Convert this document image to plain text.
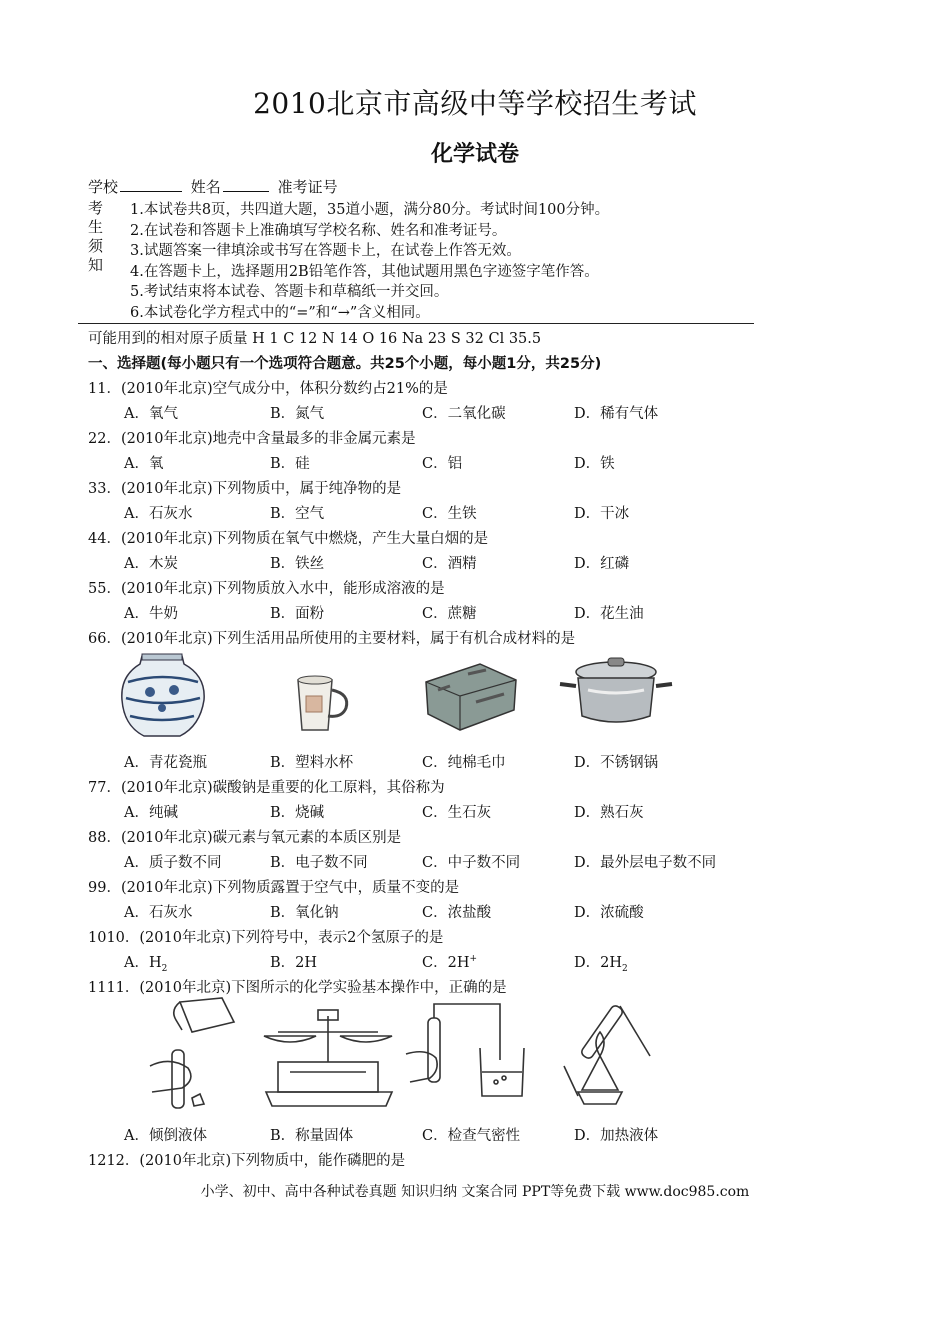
2010北京市高级中等学校招生考试
化学试卷
学校	姓名	准考证号
考
生
须
知
1.本试卷共8页，共四道大题，35道小题，满分80分。考试时间100分钟。
2.在试卷和答题卡上准确填写学校名称、姓名和准考证号。
3.试题答案一律填涂或书写在答题卡上，在试卷上作答无效。
4.在答题卡上，选择题用2B铅笔作答，其他试题用黑色字迹签字笔作答。
5.考试结束将本试卷、答题卡和草稿纸一并交回。
6.本试卷化学方程式中的“=”和“→”含义相同。
可能用到的相对原子质量 H 1 C 12 N 14 O 16 Na 23 S 32 Cl 35.5
一、选择题(每小题只有一个选项符合题意。共25个小题，每小题1分，共25分)
11．(2010年北京)空气成分中，体积分数约占21%的是
A．氧气	B．氮气	C．二氧化碳	D．稀有气体
22．(2010年北京)地壳中含量最多的非金属元素是
A．氧	B．硅	C．铝	D．铁
33．(2010年北京)下列物质中，属于纯净物的是
A．石灰水	B．空气	C．生铁	D．干冰
44．(2010年北京)下列物质在氧气中燃烧，产生大量白烟的是
A．木炭	B．铁丝	C．酒精	D．红磷
55．(2010年北京)下列物质放入水中，能形成溶液的是
A．牛奶	B．面粉	C．蔗糖	D．花生油
66．(2010年北京)下列生活用品所使用的主要材料，属于有机合成材料的是
A．青花瓷瓶	B．塑料水杯	C．纯棉毛巾	D．不锈钢锅
77．(2010年北京)碳酸钠是重要的化工原料，其俗称为
A．纯碱	B．烧碱	C．生石灰	D．熟石灰
88．(2010年北京)碳元素与氧元素的本质区别是
A．质子数不同	B．电子数不同	C．中子数不同	D．最外层电子数不同
99．(2010年北京)下列物质露置于空气中，质量不变的是
A．石灰水	B．氧化钠	C．浓盐酸	D．浓硫酸
1010．(2010年北京)下列符号中，表示2个氢原子的是
A．$H_2$	B．2H	C．2H+	D．$2H_2$
1111．(2010年北京)下图所示的化学实验基本操作中，正确的是
A．倾倒液体	B．称量固体	C．检查气密性	D．加热液体
1212．(2010年北京)下列物质中，能作磷肥的是
小学、初中、高中各种试卷真题 知识归纳 文案合同 PPT等免费下载 www.doc985.com
